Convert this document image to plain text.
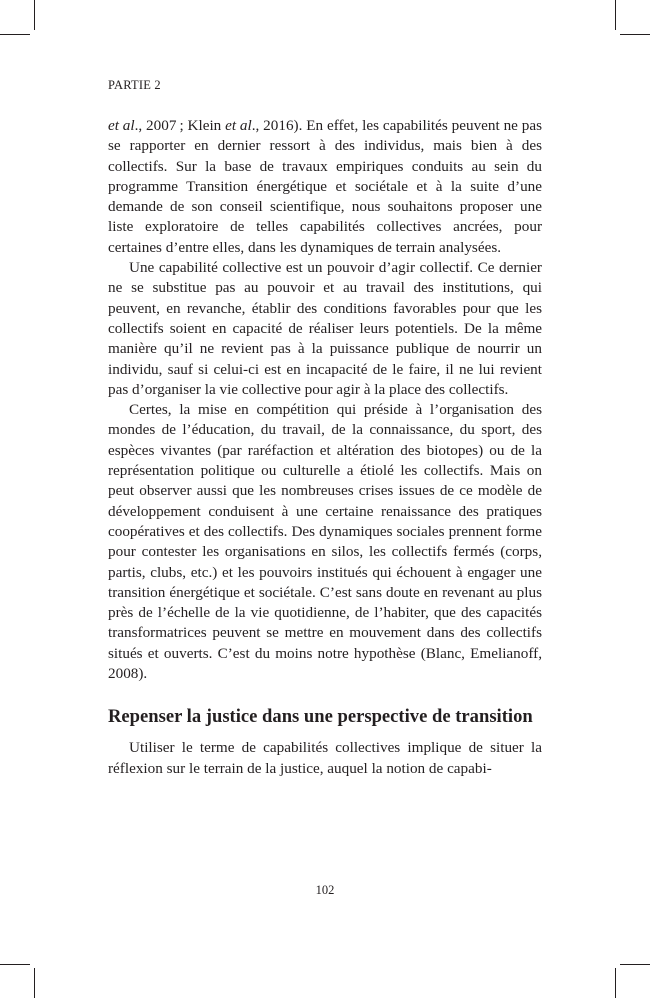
PARTIE 2

et al., 2007 ; Klein et al., 2016). En effet, les capabilités peuvent ne pas se rapporter en dernier ressort à des individus, mais bien à des collectifs. Sur la base de travaux empiriques conduits au sein du programme Transition énergétique et sociétale et à la suite d’une demande de son conseil scientifique, nous souhaitons proposer une liste exploratoire de telles capabilités collectives ancrées, pour certaines d’entre elles, dans les dynamiques de terrain analysées.

Une capabilité collective est un pouvoir d’agir collectif. Ce dernier ne se substitue pas au pouvoir et au travail des institutions, qui peuvent, en revanche, établir des conditions favorables pour que les collectifs soient en capacité de réaliser leurs potentiels. De la même manière qu’il ne revient pas à la puissance publique de nourrir un individu, sauf si celui-ci est en incapacité de le faire, il ne lui revient pas d’organiser la vie collective pour agir à la place des collectifs.

Certes, la mise en compétition qui préside à l’organisation des mondes de l’éducation, du travail, de la connaissance, du sport, des espèces vivantes (par raréfaction et altération des biotopes) ou de la représentation politique ou culturelle a étiolé les collectifs. Mais on peut observer aussi que les nombreuses crises issues de ce modèle de développement conduisent à une certaine renaissance des pratiques coopératives et des collectifs. Des dynamiques sociales prennent forme pour contester les organisations en silos, les collectifs fermés (corps, partis, clubs, etc.) et les pouvoirs institués qui échouent à engager une transition énergétique et sociétale. C’est sans doute en revenant au plus près de l’échelle de la vie quotidienne, de l’habiter, que des capacités transformatrices peuvent se mettre en mouvement dans des collectifs situés et ouverts. C’est du moins notre hypothèse (Blanc, Emelianoff, 2008).

Repenser la justice dans une perspective de transition

Utiliser le terme de capabilités collectives implique de situer la réflexion sur le terrain de la justice, auquel la notion de capabi-

102
